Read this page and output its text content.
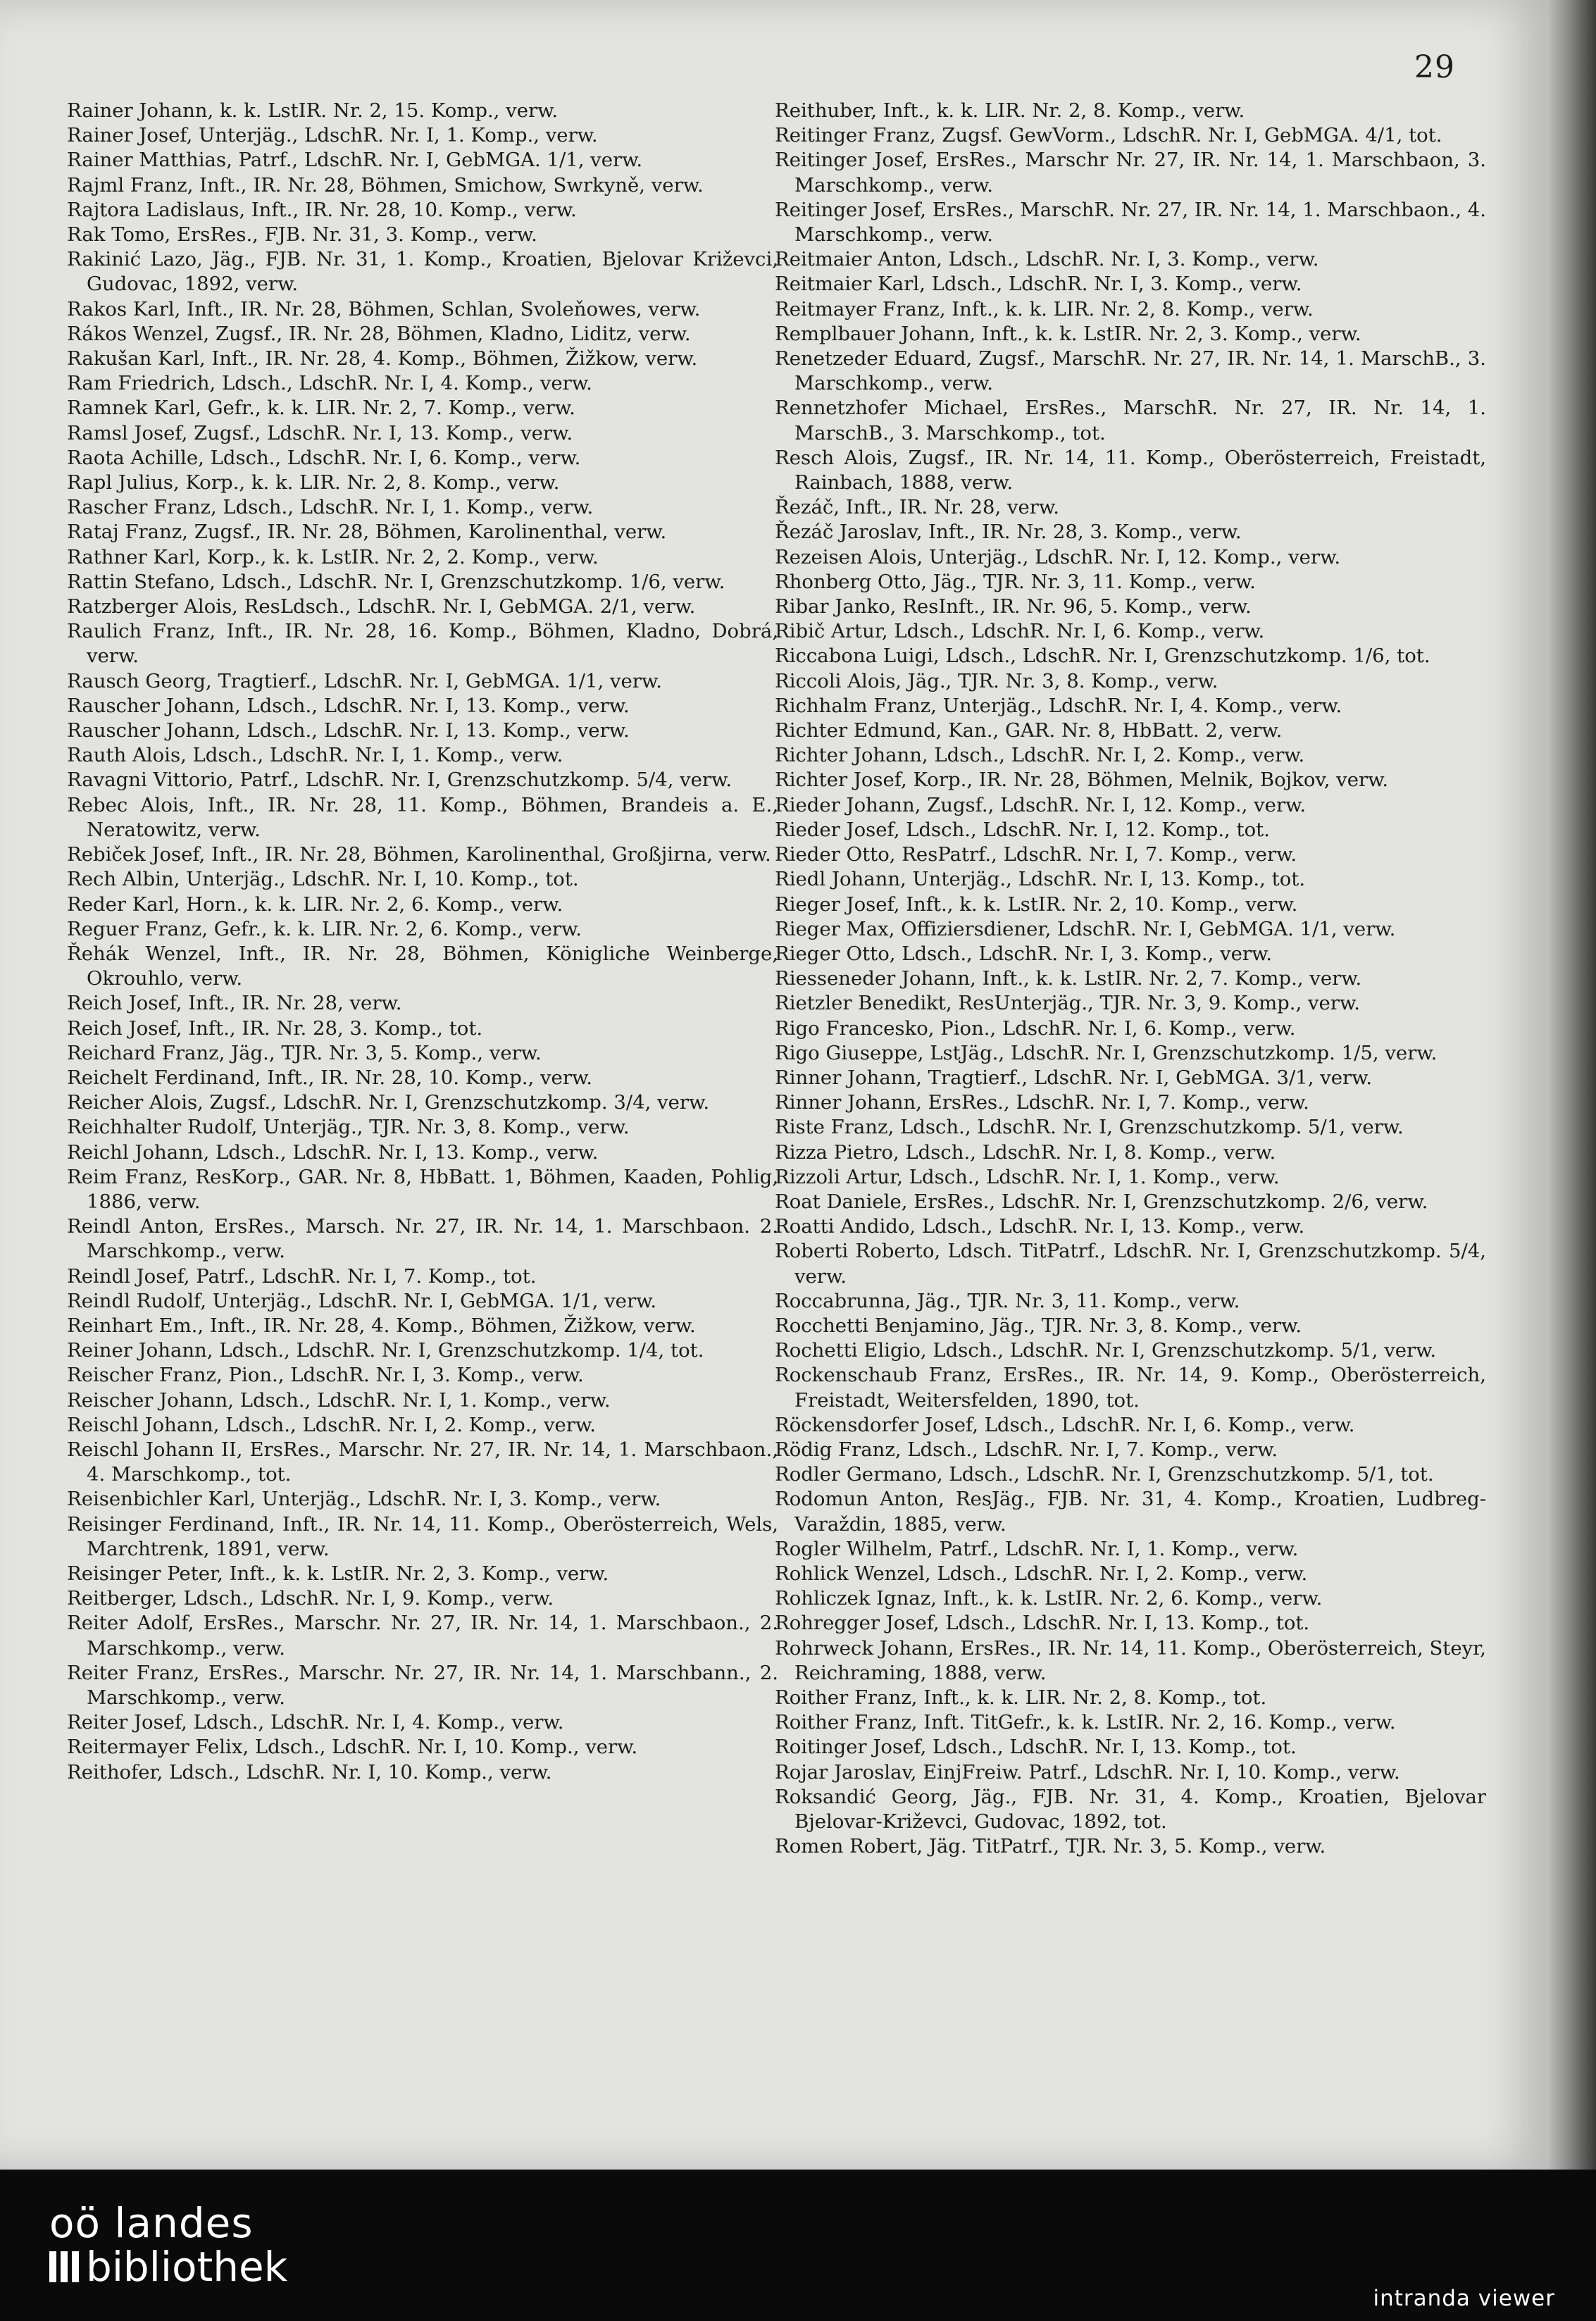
29
Rainer Johann, k. k. LstIR. Nr. 2, 15. Komp., verw.
Rainer Josef, Unterjäg., LdschR. Nr. I, 1. Komp., verw.
Rainer Matthias, Patrf., LdschR. Nr. I, GebMGA. 1/1, verw.
Rajml Franz, Inft., IR. Nr. 28, Böhmen, Smichow, Swrkyně, verw.
Rajtora Ladislaus, Inft., IR. Nr. 28, 10. Komp., verw.
Rak Tomo, ErsRes., FJB. Nr. 31, 3. Komp., verw.
Rakinić Lazo, Jäg., FJB. Nr. 31, 1. Komp., Kroatien, Bjelovar Križevci, Gudovac, 1892, verw.
Rakos Karl, Inft., IR. Nr. 28, Böhmen, Schlan, Svoleňowes, verw.
Rákos Wenzel, Zugsf., IR. Nr. 28, Böhmen, Kladno, Liditz, verw.
Rakušan Karl, Inft., IR. Nr. 28, 4. Komp., Böhmen, Žižkow, verw.
Ram Friedrich, Ldsch., LdschR. Nr. I, 4. Komp., verw.
Ramnek Karl, Gefr., k. k. LIR. Nr. 2, 7. Komp., verw.
Ramsl Josef, Zugsf., LdschR. Nr. I, 13. Komp., verw.
Raota Achille, Ldsch., LdschR. Nr. I, 6. Komp., verw.
Rapl Julius, Korp., k. k. LIR. Nr. 2, 8. Komp., verw.
Rascher Franz, Ldsch., LdschR. Nr. I, 1. Komp., verw.
Rataj Franz, Zugsf., IR. Nr. 28, Böhmen, Karolinenthal, verw.
Rathner Karl, Korp., k. k. LstIR. Nr. 2, 2. Komp., verw.
Rattin Stefano, Ldsch., LdschR. Nr. I, Grenzschutzkomp. 1/6, verw.
Ratzberger Alois, ResLdsch., LdschR. Nr. I, GebMGA. 2/1, verw.
Raulich Franz, Inft., IR. Nr. 28, 16. Komp., Böhmen, Kladno, Dobrá, verw.
Rausch Georg, Tragtierf., LdschR. Nr. I, GebMGA. 1/1, verw.
Rauscher Johann, Ldsch., LdschR. Nr. I, 13. Komp., verw.
Rauscher Johann, Ldsch., LdschR. Nr. I, 13. Komp., verw.
Rauth Alois, Ldsch., LdschR. Nr. I, 1. Komp., verw.
Ravagni Vittorio, Patrf., LdschR. Nr. I, Grenzschutzkomp. 5/4, verw.
Rebec Alois, Inft., IR. Nr. 28, 11. Komp., Böhmen, Brandeis a. E., Neratowitz, verw.
Rebiček Josef, Inft., IR. Nr. 28, Böhmen, Karolinenthal, Großjirna, verw.
Rech Albin, Unterjäg., LdschR. Nr. I, 10. Komp., tot.
Reder Karl, Horn., k. k. LIR. Nr. 2, 6. Komp., verw.
Reguer Franz, Gefr., k. k. LIR. Nr. 2, 6. Komp., verw.
Řehák Wenzel, Inft., IR. Nr. 28, Böhmen, Königliche Weinberge, Okrouhlo, verw.
Reich Josef, Inft., IR. Nr. 28, verw.
Reich Josef, Inft., IR. Nr. 28, 3. Komp., tot.
Reichard Franz, Jäg., TJR. Nr. 3, 5. Komp., verw.
Reichelt Ferdinand, Inft., IR. Nr. 28, 10. Komp., verw.
Reicher Alois, Zugsf., LdschR. Nr. I, Grenzschutzkomp. 3/4, verw.
Reichhalter Rudolf, Unterjäg., TJR. Nr. 3, 8. Komp., verw.
Reichl Johann, Ldsch., LdschR. Nr. I, 13. Komp., verw.
Reim Franz, ResKorp., GAR. Nr. 8, HbBatt. 1, Böhmen, Kaaden, Pohlig, 1886, verw.
Reindl Anton, ErsRes., Marsch. Nr. 27, IR. Nr. 14, 1. Marschbaon. 2. Marschkomp., verw.
Reindl Josef, Patrf., LdschR. Nr. I, 7. Komp., tot.
Reindl Rudolf, Unterjäg., LdschR. Nr. I, GebMGA. 1/1, verw.
Reinhart Em., Inft., IR. Nr. 28, 4. Komp., Böhmen, Žižkow, verw.
Reiner Johann, Ldsch., LdschR. Nr. I, Grenzschutzkomp. 1/4, tot.
Reischer Franz, Pion., LdschR. Nr. I, 3. Komp., verw.
Reischer Johann, Ldsch., LdschR. Nr. I, 1. Komp., verw.
Reischl Johann, Ldsch., LdschR. Nr. I, 2. Komp., verw.
Reischl Johann II, ErsRes., Marschr. Nr. 27, IR. Nr. 14, 1. Marschbaon., 4. Marschkomp., tot.
Reisenbichler Karl, Unterjäg., LdschR. Nr. I, 3. Komp., verw.
Reisinger Ferdinand, Inft., IR. Nr. 14, 11. Komp., Oberösterreich, Wels, Marchtrenk, 1891, verw.
Reisinger Peter, Inft., k. k. LstIR. Nr. 2, 3. Komp., verw.
Reitberger, Ldsch., LdschR. Nr. I, 9. Komp., verw.
Reiter Adolf, ErsRes., Marschr. Nr. 27, IR. Nr. 14, 1. Marschbaon., 2. Marschkomp., verw.
Reiter Franz, ErsRes., Marschr. Nr. 27, IR. Nr. 14, 1. Marschbann., 2. Marschkomp., verw.
Reiter Josef, Ldsch., LdschR. Nr. I, 4. Komp., verw.
Reitermayer Felix, Ldsch., LdschR. Nr. I, 10. Komp., verw.
Reithofer, Ldsch., LdschR. Nr. I, 10. Komp., verw.
Reithuber, Inft., k. k. LIR. Nr. 2, 8. Komp., verw.
Reitinger Franz, Zugsf. GewVorm., LdschR. Nr. I, GebMGA. 4/1, tot.
Reitinger Josef, ErsRes., Marschr Nr. 27, IR. Nr. 14, 1. Marschbaon, 3. Marschkomp., verw.
Reitinger Josef, ErsRes., MarschR. Nr. 27, IR. Nr. 14, 1. Marschbaon., 4. Marschkomp., verw.
Reitmaier Anton, Ldsch., LdschR. Nr. I, 3. Komp., verw.
Reitmaier Karl, Ldsch., LdschR. Nr. I, 3. Komp., verw.
Reitmayer Franz, Inft., k. k. LIR. Nr. 2, 8. Komp., verw.
Remplbauer Johann, Inft., k. k. LstIR. Nr. 2, 3. Komp., verw.
Renetzeder Eduard, Zugsf., MarschR. Nr. 27, IR. Nr. 14, 1. MarschB., 3. Marschkomp., verw.
Rennetzhofer Michael, ErsRes., MarschR. Nr. 27, IR. Nr. 14, 1. MarschB., 3. Marschkomp., tot.
Resch Alois, Zugsf., IR. Nr. 14, 11. Komp., Oberösterreich, Freistadt, Rainbach, 1888, verw.
Řezáč, Inft., IR. Nr. 28, verw.
Řezáč Jaroslav, Inft., IR. Nr. 28, 3. Komp., verw.
Rezeisen Alois, Unterjäg., LdschR. Nr. I, 12. Komp., verw.
Rhonberg Otto, Jäg., TJR. Nr. 3, 11. Komp., verw.
Ribar Janko, ResInft., IR. Nr. 96, 5. Komp., verw.
Ribič Artur, Ldsch., LdschR. Nr. I, 6. Komp., verw.
Riccabona Luigi, Ldsch., LdschR. Nr. I, Grenzschutzkomp. 1/6, tot.
Riccoli Alois, Jäg., TJR. Nr. 3, 8. Komp., verw.
Richhalm Franz, Unterjäg., LdschR. Nr. I, 4. Komp., verw.
Richter Edmund, Kan., GAR. Nr. 8, HbBatt. 2, verw.
Richter Johann, Ldsch., LdschR. Nr. I, 2. Komp., verw.
Richter Josef, Korp., IR. Nr. 28, Böhmen, Melnik, Bojkov, verw.
Rieder Johann, Zugsf., LdschR. Nr. I, 12. Komp., verw.
Rieder Josef, Ldsch., LdschR. Nr. I, 12. Komp., tot.
Rieder Otto, ResPatrf., LdschR. Nr. I, 7. Komp., verw.
Riedl Johann, Unterjäg., LdschR. Nr. I, 13. Komp., tot.
Rieger Josef, Inft., k. k. LstIR. Nr. 2, 10. Komp., verw.
Rieger Max, Offiziersdiener, LdschR. Nr. I, GebMGA. 1/1, verw.
Rieger Otto, Ldsch., LdschR. Nr. I, 3. Komp., verw.
Riesseneder Johann, Inft., k. k. LstIR. Nr. 2, 7. Komp., verw.
Rietzler Benedikt, ResUnterjäg., TJR. Nr. 3, 9. Komp., verw.
Rigo Francesko, Pion., LdschR. Nr. I, 6. Komp., verw.
Rigo Giuseppe, LstJäg., LdschR. Nr. I, Grenzschutzkomp. 1/5, verw.
Rinner Johann, Tragtierf., LdschR. Nr. I, GebMGA. 3/1, verw.
Rinner Johann, ErsRes., LdschR. Nr. I, 7. Komp., verw.
Riste Franz, Ldsch., LdschR. Nr. I, Grenzschutzkomp. 5/1, verw.
Rizza Pietro, Ldsch., LdschR. Nr. I, 8. Komp., verw.
Rizzoli Artur, Ldsch., LdschR. Nr. I, 1. Komp., verw.
Roat Daniele, ErsRes., LdschR. Nr. I, Grenzschutzkomp. 2/6, verw.
Roatti Andido, Ldsch., LdschR. Nr. I, 13. Komp., verw.
Roberti Roberto, Ldsch. TitPatrf., LdschR. Nr. I, Grenzschutzkomp. 5/4, verw.
Roccabrunna, Jäg., TJR. Nr. 3, 11. Komp., verw.
Rocchetti Benjamino, Jäg., TJR. Nr. 3, 8. Komp., verw.
Rochetti Eligio, Ldsch., LdschR. Nr. I, Grenzschutzkomp. 5/1, verw.
Rockenschaub Franz, ErsRes., IR. Nr. 14, 9. Komp., Oberösterreich, Freistadt, Weitersfelden, 1890, tot.
Röckensdorfer Josef, Ldsch., LdschR. Nr. I, 6. Komp., verw.
Rödig Franz, Ldsch., LdschR. Nr. I, 7. Komp., verw.
Rodler Germano, Ldsch., LdschR. Nr. I, Grenzschutzkomp. 5/1, tot.
Rodomun Anton, ResJäg., FJB. Nr. 31, 4. Komp., Kroatien, Ludbreg-Varaždin, 1885, verw.
Rogler Wilhelm, Patrf., LdschR. Nr. I, 1. Komp., verw.
Rohlick Wenzel, Ldsch., LdschR. Nr. I, 2. Komp., verw.
Rohliczek Ignaz, Inft., k. k. LstIR. Nr. 2, 6. Komp., verw.
Rohregger Josef, Ldsch., LdschR. Nr. I, 13. Komp., tot.
Rohrweck Johann, ErsRes., IR. Nr. 14, 11. Komp., Oberösterreich, Steyr, Reichraming, 1888, verw.
Roither Franz, Inft., k. k. LIR. Nr. 2, 8. Komp., tot.
Roither Franz, Inft. TitGefr., k. k. LstIR. Nr. 2, 16. Komp., verw.
Roitinger Josef, Ldsch., LdschR. Nr. I, 13. Komp., tot.
Rojar Jaroslav, EinjFreiw. Patrf., LdschR. Nr. I, 10. Komp., verw.
Roksandić Georg, Jäg., FJB. Nr. 31, 4. Komp., Kroatien, Bjelovar Bjelovar-Križevci, Gudovac, 1892, tot.
Romen Robert, Jäg. TitPatrf., TJR. Nr. 3, 5. Komp., verw.
oö landes
bibliothek
intranda viewer
